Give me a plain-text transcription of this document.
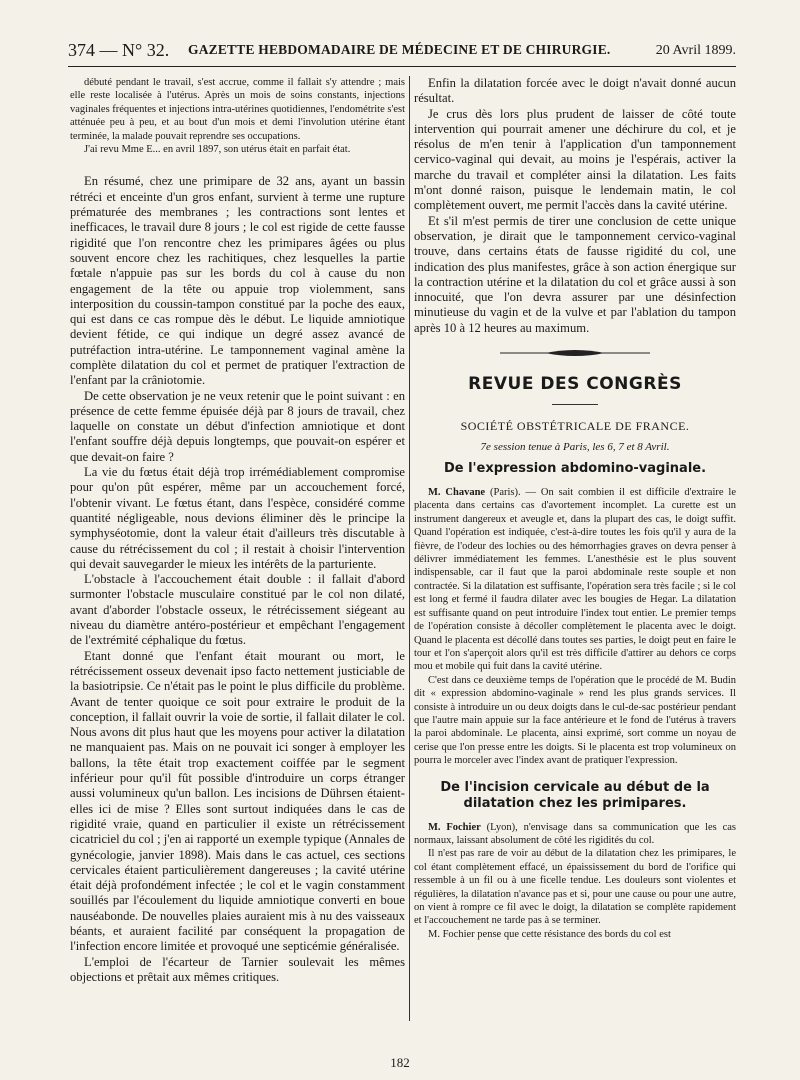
374 — N° 32. GAZETTE HEBDOMADAIRE DE MÉDECINE ET DE CHIRURGIE.	20 Avril 1899.

débuté pendant le travail, s'est accrue, comme il fallait s'y attendre ; mais elle reste localisée à l'utérus. Après un mois de soins constants, injections vaginales fréquentes et injections intra-utérines quotidiennes, l'endométrite s'est atténuée peu à peu, et au bout d'un mois et demi l'involution utérine étant terminée, la malade pouvait reprendre ses occupations.

J'ai revu Mme E... en avril 1897, son utérus était en parfait état.

En résumé, chez une primipare de 32 ans, ayant un bassin rétréci et enceinte d'un gros enfant, survient à terme une rupture prématurée des membranes ; les contractions sont lentes et inefficaces, le travail dure 8 jours ; le col est rigide de cette fausse rigidité que l'on rencontre chez les primipares âgées ou plus souvent encore chez les rachitiques, chez lesquelles la partie fœtale n'appuie pas sur les bords du col à cause du non engagement de la tête ou appuie trop violemment, sans interposition du coussin-tampon constitué par la poche des eaux, qui est dans ce cas rompue dès le début. Le liquide amniotique devient fétide, ce qui indique un degré assez avancé de putréfaction intra-utérine. Le tamponnement vaginal amène la complète dilatation du col et permet de pratiquer l'extraction de l'enfant par la crâniotomie.

De cette observation je ne veux retenir que le point suivant : en présence de cette femme épuisée déjà par 8 jours de travail, chez laquelle on constate un début d'infection amniotique et dont l'enfant souffre déjà depuis longtemps, que pouvait-on espérer et que devait-on faire ?

La vie du fœtus était déjà trop irrémédiablement compromise pour qu'on pût espérer, même par un accouchement forcé, l'obtenir vivant. Le fœtus étant, dans l'espèce, considéré comme quantité négligeable, nous devions éliminer dès le principe la symphyséotomie, dont la valeur était d'ailleurs très discutable à cause du rétrécissement du col ; il restait à choisir l'intervention qui devait sauvegarder le mieux les intérêts de la parturiente.

L'obstacle à l'accouchement était double : il fallait d'abord surmonter l'obstacle musculaire constitué par le col non dilaté, avant d'aborder l'obstacle osseux, le rétrécissement siégeant au niveau du diamètre antéro-postérieur et empêchant l'engagement de l'extrémité céphalique du fœtus.

Etant donné que l'enfant était mourant ou mort, le rétrécissement osseux devenait ipso facto nettement justiciable de la basiotripsie. Ce n'était pas le point le plus difficile du problème. Avant de tenter quoique ce soit pour extraire le produit de la conception, il fallait ouvrir la voie de sortie, il fallait dilater le col. Nous avons dit plus haut que les moyens pour activer la dilatation ne manquaient pas. Mais on ne pouvait ici songer à employer les ballons, la tête était trop exactement coiffée par le segment inférieur pour qu'il fût possible d'introduire un corps étranger aussi volumineux qu'un ballon. Les incisions de Dührsen étaient-elles ici de mise ? Elles sont surtout indiquées dans le cas de rigidité vraie, quand en particulier il existe un rétrécissement cicatriciel du col ; j'en ai rapporté un exemple typique (Annales de gynécologie, janvier 1898). Mais dans le cas actuel, ces sections cervicales étaient particulièrement dangereuses ; la cavité utérine était déjà profondément infectée ; le col et le vagin constamment souillés par l'écoulement du liquide amniotique converti en boue nauséabonde. De nouvelles plaies auraient mis à nu des vaisseaux béants, et auraient facilité par conséquent la propagation de l'infection encore limitée et provoqué une septicémie généralisée.

L'emploi de l'écarteur de Tarnier soulevait les mêmes objections et prêtait aux mêmes critiques.

Enfin la dilatation forcée avec le doigt n'avait donné aucun résultat.

Je crus dès lors plus prudent de laisser de côté toute intervention qui pourrait amener une déchirure du col, et je résolus de m'en tenir à l'application d'un tamponnement cervico-vaginal qui devait, au moins je l'espérais, activer la marche du travail et compléter ainsi la dilatation. Les faits m'ont donné raison, puisque le lendemain matin, le col complètement ouvert, me permit l'accès dans la cavité utérine.

Et s'il m'est permis de tirer une conclusion de cette unique observation, je dirait que le tamponnement cervico-vaginal trouve, dans certains états de fausse rigidité du col, une indication des plus manifestes, grâce à son action énergique sur la contraction utérine et la dilatation du col et grâce aussi à son innocuité, que l'on devra assurer par une désinfection minutieuse du vagin et de la vulve et par l'ablation du tampon après 10 à 12 heures au maximum.

REVUE DES CONGRÈS
SOCIÉTÉ OBSTÉTRICALE DE FRANCE.
7e session tenue à Paris, les 6, 7 et 8 Avril.
De l'expression abdomino-vaginale.

M. Chavane (Paris). — On sait combien il est difficile d'extraire le placenta dans certains cas d'avortement incomplet. La curette est un instrument dangereux et aveugle et, dans la plupart des cas, le doigt suffit. Quand l'opération est indiquée, c'est-à-dire toutes les fois qu'il y aura de la fièvre, de l'odeur des lochies ou des hémorrhagies graves on devra penser à délivrer immédiatement les femmes. L'anesthésie est le plus souvent indispensable, car il faut que la paroi abdominale reste souple et non contractée. Si la dilatation est suffisante, l'opération sera très facile ; si le col est long et fermé il faudra dilater avec les bougies de Hegar. La dilatation est suffisante quand on peut introduire l'index tout entier. Le premier temps de l'opération consiste à décoller complètement le placenta avec le doigt. Quand le placenta est décollé dans toutes ses parties, le doigt peut en faire le tour et l'on s'aperçoit alors qu'il est très difficile d'attirer au dehors ce corps mou et mobile qui fuit dans la cavité utérine.

C'est dans ce deuxième temps de l'opération que le procédé de M. Budin dit « expression abdomino-vaginale » rend les plus grands services. Il consiste à introduire un ou deux doigts dans le cul-de-sac postérieur pendant que l'autre main appuie sur la face antérieure et le fond de l'utérus à travers la paroi abdominale. Le placenta, ainsi exprimé, sort comme un noyau de cerise que l'on presse entre les doigts. Si le placenta est trop volumineux on pourra le morceler avec l'index avant de pratiquer l'expression.

De l'incision cervicale au début de la dilatation chez les primipares.

M. Fochier (Lyon), n'envisage dans sa communication que les cas normaux, laissant absolument de côté les rigidités du col.

Il n'est pas rare de voir au début de la dilatation chez les primipares, le col étant complètement effacé, un épaississement du bord de l'orifice qui ressemble à un fil ou à une ficelle tendue. Les douleurs sont violentes et régulières, la dilatation n'avance pas et si, pour une cause ou pour une autre, on vient à rompre ce fil avec le doigt, la dilatation se complète rapidement et l'accouchement ne tarde pas à se terminer.

M. Fochier pense que cette résistance des bords du col est

182
